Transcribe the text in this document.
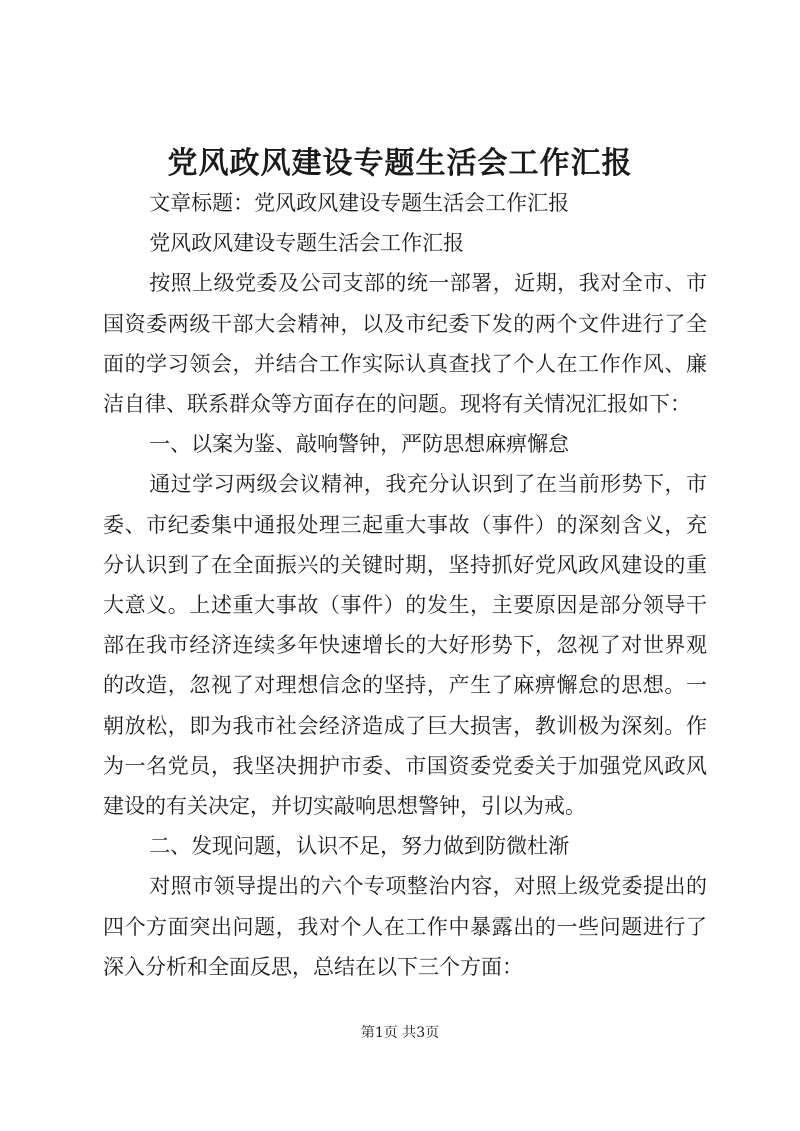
党风政风建设专题生活会工作汇报

文章标题：党风政风建设专题生活会工作汇报

党风政风建设专题生活会工作汇报

按照上级党委及公司支部的统一部署，近期，我对全市、市国资委两级干部大会精神，以及市纪委下发的两个文件进行了全面的学习领会，并结合工作实际认真查找了个人在工作作风、廉洁自律、联系群众等方面存在的问题。现将有关情况汇报如下：

一、以案为鉴、敲响警钟，严防思想麻痹懈怠

通过学习两级会议精神，我充分认识到了在当前形势下，市委、市纪委集中通报处理三起重大事故（事件）的深刻含义，充分认识到了在全面振兴的关键时期，坚持抓好党风政风建设的重大意义。上述重大事故（事件）的发生，主要原因是部分领导干部在我市经济连续多年快速增长的大好形势下，忽视了对世界观的改造，忽视了对理想信念的坚持，产生了麻痹懈怠的思想。一朝放松，即为我市社会经济造成了巨大损害，教训极为深刻。作为一名党员，我坚决拥护市委、市国资委党委关于加强党风政风建设的有关决定，并切实敲响思想警钟，引以为戒。

二、发现问题，认识不足，努力做到防微杜渐

对照市领导提出的六个专项整治内容，对照上级党委提出的四个方面突出问题，我对个人在工作中暴露出的一些问题进行了深入分析和全面反思，总结在以下三个方面：

第1页 共3页
